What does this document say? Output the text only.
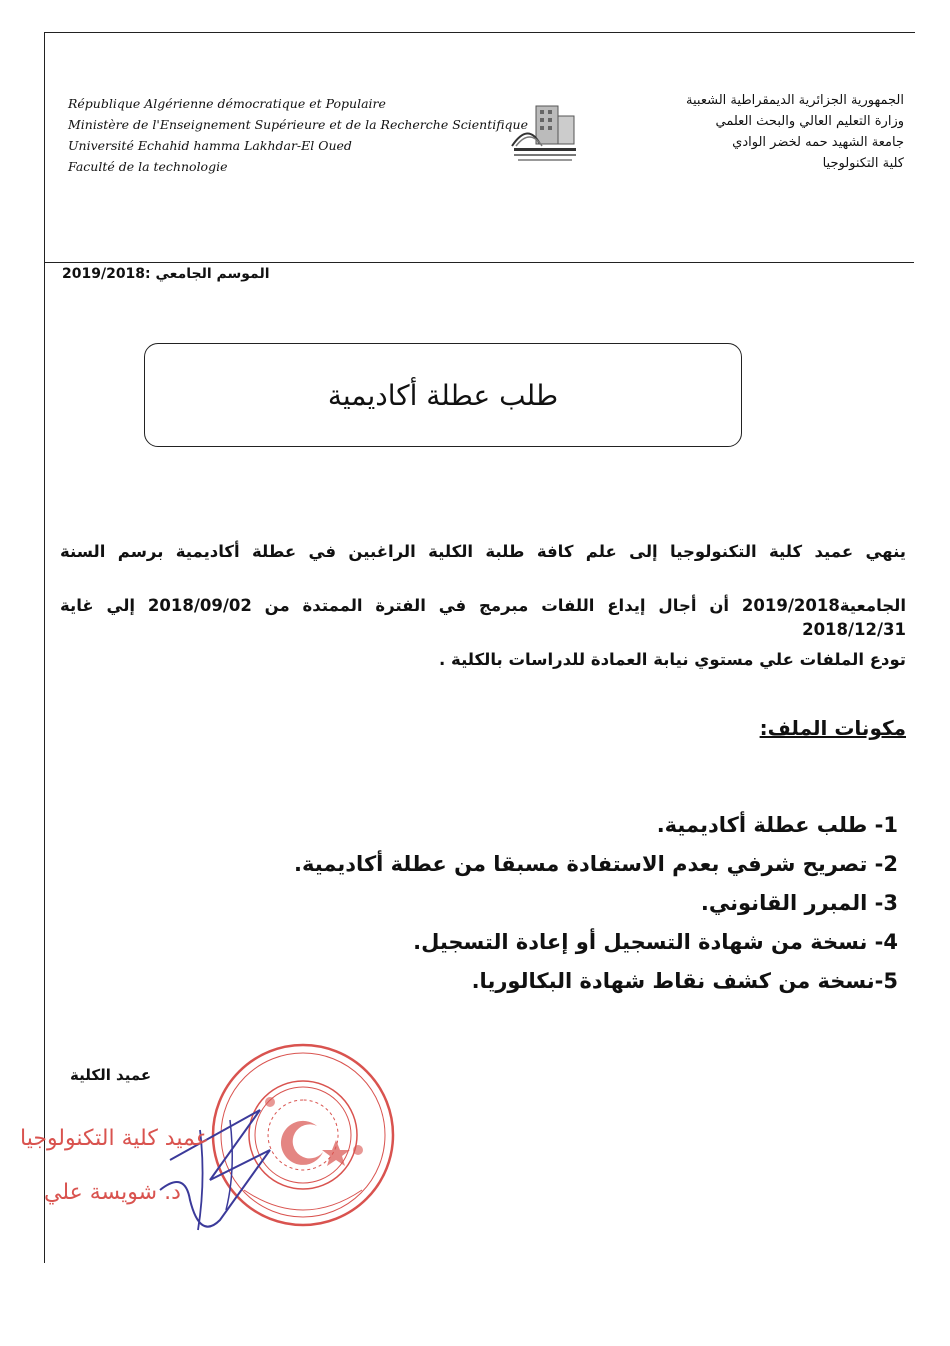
République Algérienne démocratique et Populaire
Ministère de l'Enseignement Supérieure et de la Recherche Scientifique
Université Echahid hamma Lakhdar-El Oued
Faculté de la technologie
الجمهورية الجزائرية الديمقراطية الشعبية
وزارة التعليم العالي والبحث العلمي
جامعة الشهيد حمه لخضر الوادي
كلية التكنولوجيا
الموسم الجامعي :2019/2018
طلب عطلة أكاديمية
ينهي عميد كلية التكنولوجيا إلى علم كافة طلبة الكلية الراغبين في عطلة أكاديمية برسم السنة
الجامعية2019/2018 أن أجال إيداع اللفات مبرمج في الفترة الممتدة من 2018/09/02 إلي غاية 2018/12/31
تودع الملفات علي مستوي نيابة العمادة للدراسات بالكلية .
مكونات الملف:
1- طلب عطلة أكاديمية.
2- تصريح شرفي بعدم الاستفادة مسبقا من عطلة أكاديمية.
3- المبرر القانوني.
4- نسخة من شهادة التسجيل أو إعادة التسجيل.
5-نسخة من كشف نقاط شهادة البكالوريا.
عميد الكلية
عميد كلية التكنولوجيا
د. شويسة علي
